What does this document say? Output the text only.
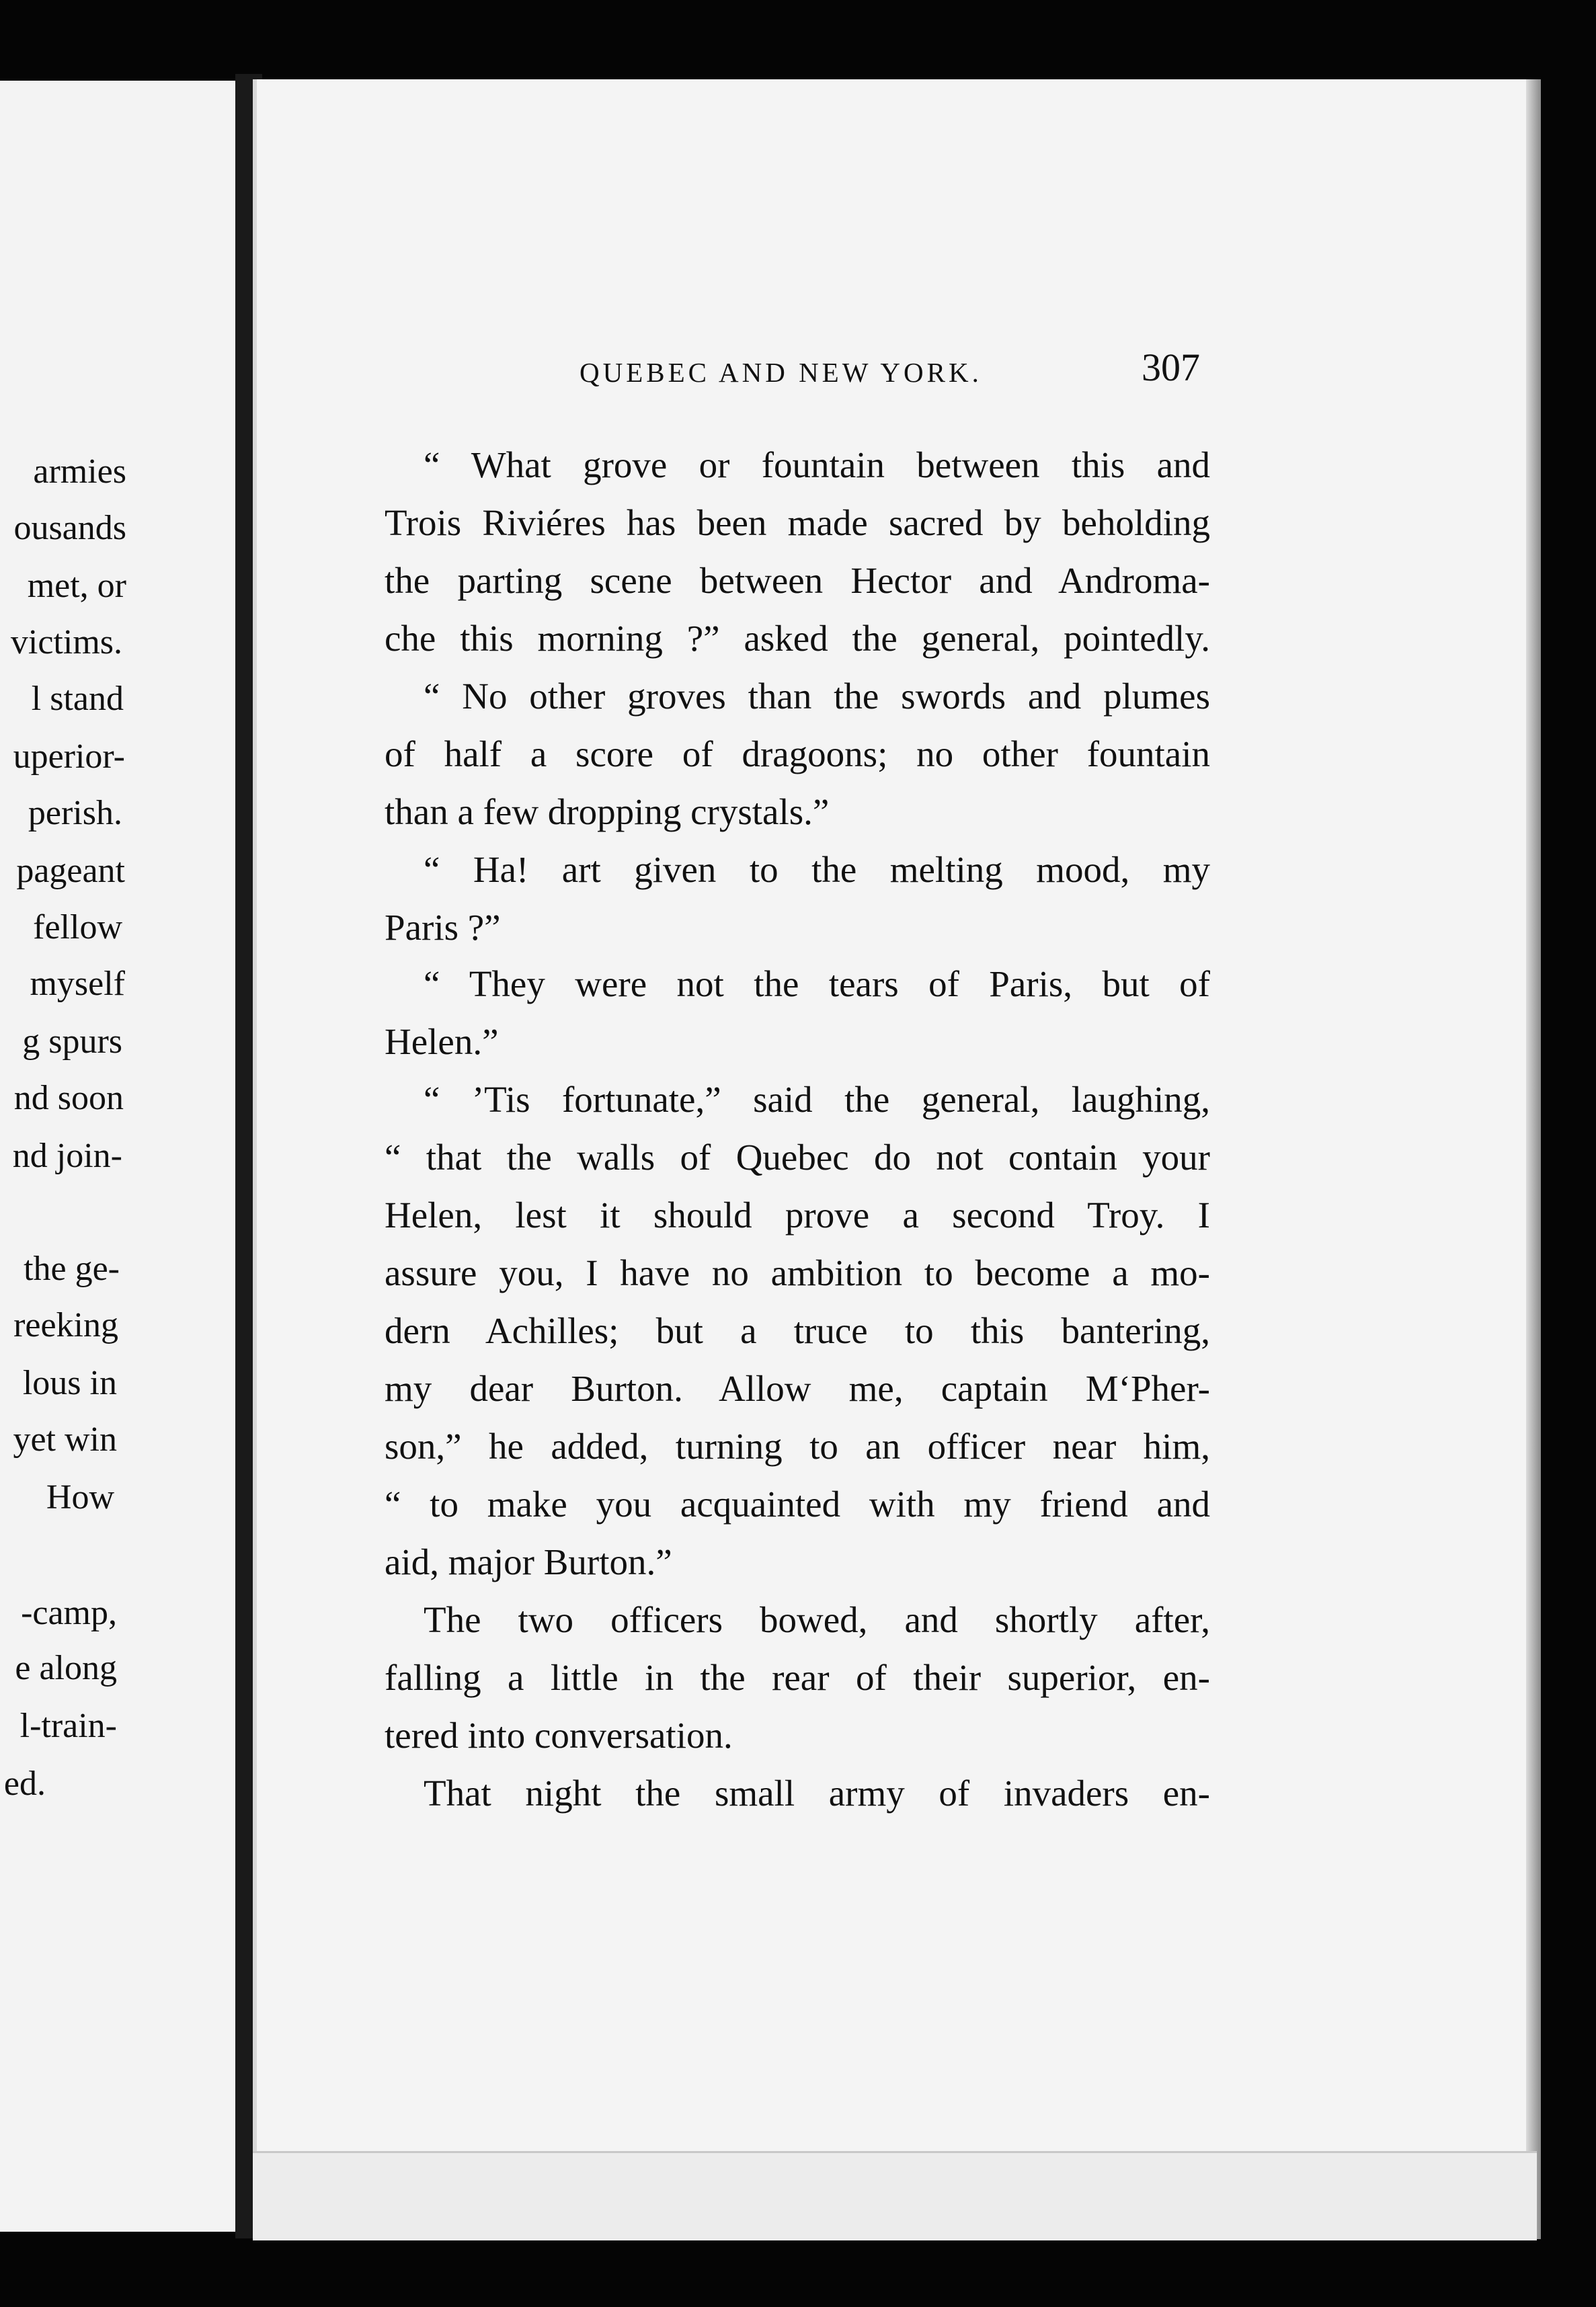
armies

ousands

met, or

victims.

l stand

uperior-

perish.

pageant

fellow

myself

g spurs

nd soon

nd join-

the ge-

reeking

lous in

yet win

How

-camp,

e along

l-train-

ed.

QUEBEC AND NEW YORK.	307

“ What grove or fountain between this and

Trois Riviéres has been made sacred by beholding

the parting scene between Hector and Androma-

che this morning ?” asked the general, pointedly.

“ No other groves than the swords and plumes

of half a score of dragoons; no other fountain

than a few dropping crystals.”

“ Ha! art given to the melting mood, my

Paris ?”

“ They were not the tears of Paris, but of

Helen.”

“ ’Tis fortunate,” said the general, laughing,

“ that the walls of Quebec do not contain your

Helen, lest it should prove a second Troy. I

assure you, I have no ambition to become a mo-

dern Achilles; but a truce to this bantering,

my dear Burton. Allow me, captain M‘Pher-

son,” he added, turning to an officer near him,

“ to make you acquainted with my friend and

aid, major Burton.”

The two officers bowed, and shortly after,

falling a little in the rear of their superior, en-

tered into conversation.

That night the small army of invaders en-
